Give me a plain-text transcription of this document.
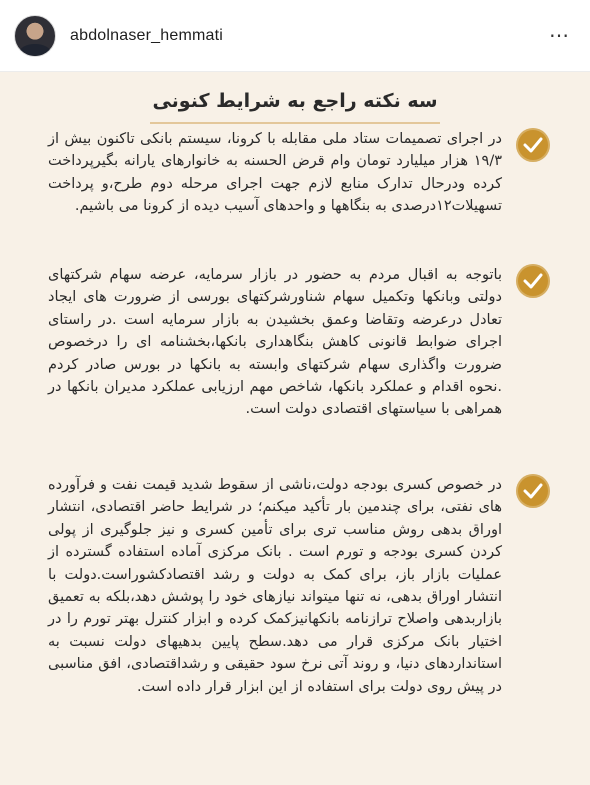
abdolnaser_hemmati	⋯
سه نکته راجع به شرایط کنونی

در اجرای تصمیمات ستاد ملی مقابله با کرونا، سیستم بانکی تاکنون بیش از ۱۹/۳ هزار میلیارد تومان وام قرض الحسنه به خانوارهای یارانه بگیرپرداخت کرده ودرحال تدارک منابع لازم جهت اجرای مرحله دوم طرح،و پرداخت تسهیلات۱۲درصدی به بنگاهها و واحدهای آسیب دیده از کرونا می باشیم.

باتوجه به اقبال مردم به حضور در بازار سرمایه، عرضه سهام شرکتهای دولتی وبانکها وتکمیل سهام شناورشرکتهای بورسی از ضرورت های ایجاد تعادل درعرضه وتقاضا وعمق بخشیدن به بازار سرمایه است .در راستای اجرای ضوابط قانونی کاهش بنگاهداری بانکها،بخشنامه ای را درخصوص ضرورت واگذاری سهام شرکتهای وابسته به بانکها در بورس صادر کردم .نحوه اقدام و عملکرد بانکها، شاخص مهم ارزیابی عملکرد مدیران بانکها در همراهی با سیاستهای اقتصادی دولت است.

در خصوص کسری بودجه دولت،ناشی از سقوط شدید قیمت نفت و فرآورده های نفتی، برای چندمین بار تأکید میکنم؛ در شرایط حاضر اقتصادی، انتشار اوراق بدهی روش مناسب تری برای تأمین کسری و نیز جلوگیری از پولی کردن کسری بودجه و تورم است . بانک مرکزی آماده استفاده گسترده از عملیات بازار باز، برای کمک به دولت و رشد اقتصادکشوراست.دولت با انتشار اوراق بدهی، نه تنها میتواند نیازهای خود را پوشش دهد،بلکه به تعمیق بازاربدهی واصلاح ترازنامه بانکهانیزکمک کرده و ابزار کنترل بهتر تورم را در اختیار بانک مرکزی قرار می دهد.سطح پایین بدهیهای دولت نسبت به استانداردهای دنیا، و روند آتی نرخ سود حقیقی و رشداقتصادی، افق مناسبی در پیش روی دولت برای استفاده از این ابزار قرار داده است.
